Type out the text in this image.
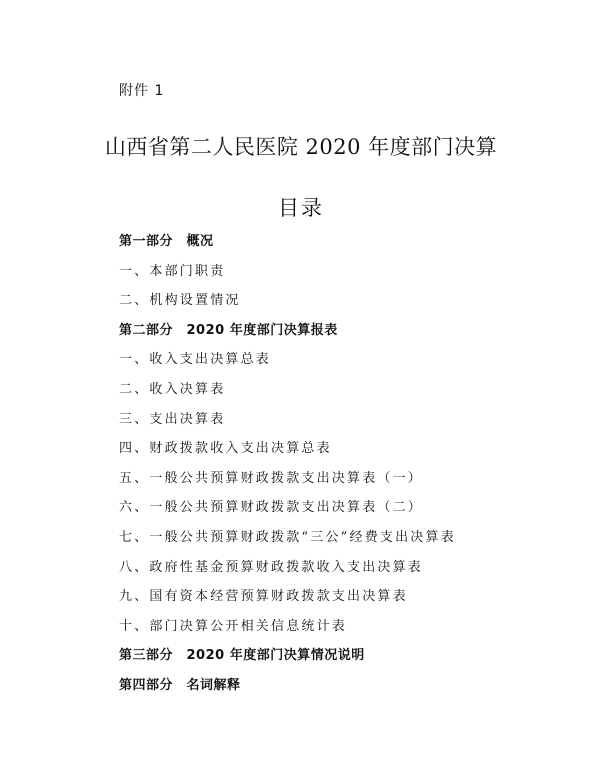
附件 1
山西省第二人民医院 2020 年度部门决算
目录
第一部分　概况
一、本部门职责
二、机构设置情况
第二部分　2020 年度部门决算报表
一、收入支出决算总表
二、收入决算表
三、支出决算表
四、财政拨款收入支出决算总表
五、一般公共预算财政拨款支出决算表（一）
六、一般公共预算财政拨款支出决算表（二）
七、一般公共预算财政拨款“三公”经费支出决算表
八、政府性基金预算财政拨款收入支出决算表
九、国有资本经营预算财政拨款支出决算表
十、部门决算公开相关信息统计表
第三部分　2020 年度部门决算情况说明
第四部分　名词解释
